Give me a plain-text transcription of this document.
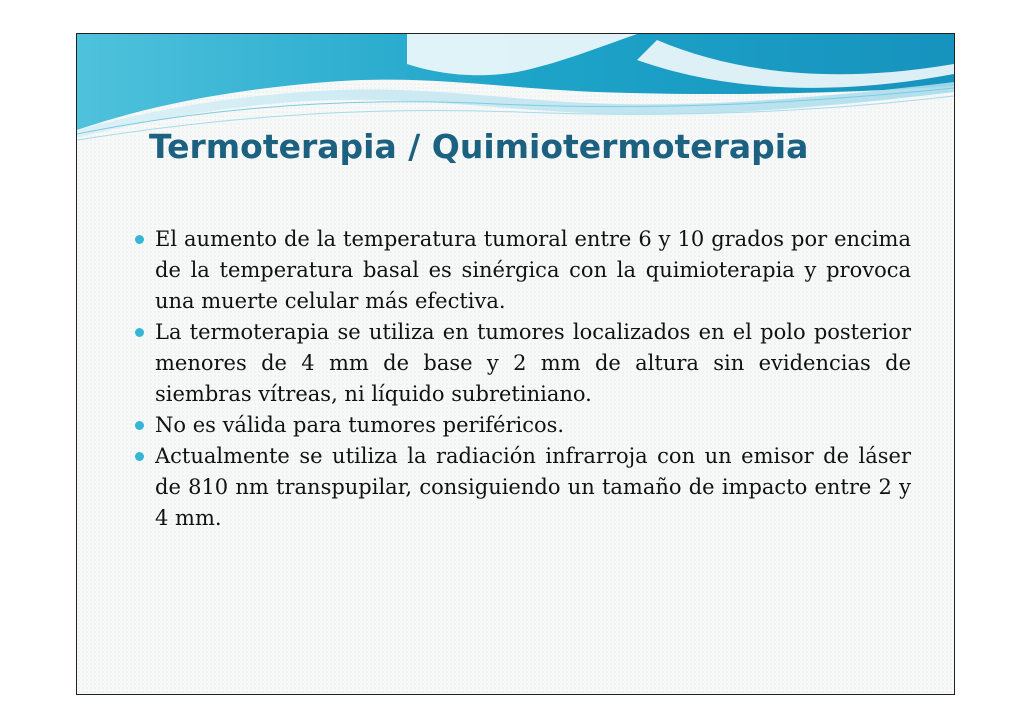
Termoterapia / Quimiotermoterapia
El aumento de la temperatura tumoral entre 6 y 10 grados por encima de la temperatura basal es sinérgica con la quimioterapia y provoca una muerte celular más efectiva.
La termoterapia se utiliza en tumores localizados en el polo posterior menores de 4 mm de base y 2 mm de altura sin evidencias de siembras vítreas, ni líquido subretiniano.
No es válida para tumores periféricos.
Actualmente se utiliza la radiación infrarroja con un emisor de láser de 810 nm transpupilar, consiguiendo un tamaño de impacto entre 2 y 4 mm.
